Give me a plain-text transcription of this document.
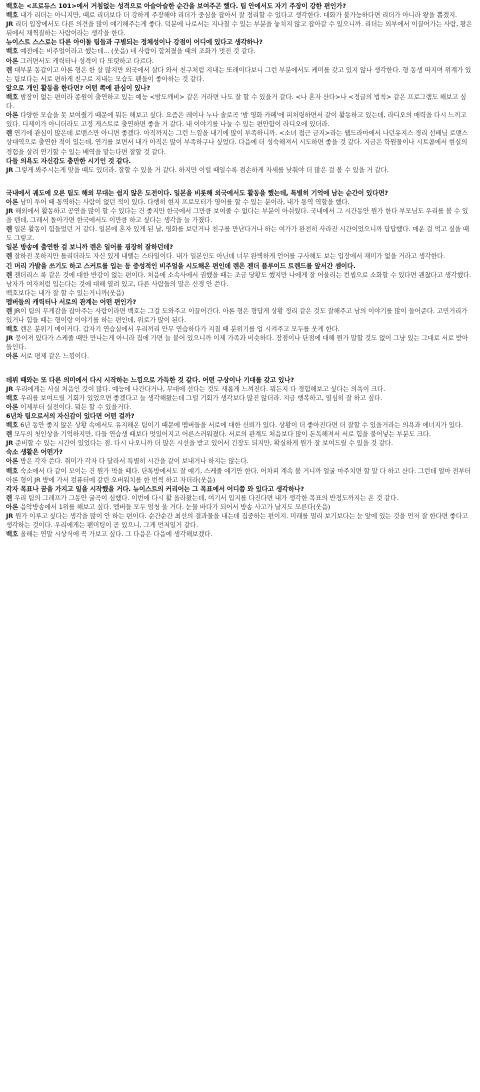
백호는 <프로듀스 101>에서 거침없는 성격으로 아슬아슬한 순간을 보여주곤 했다. 팀 안에서도 자기 주장이 강한 편인가?
백호 내가 리더는 아니지만, 때로 리더보다 더 강하게 주장해야 리더가 중심을 잡아서 잘 정리할 수 있다고 생각한다. 대화가 불가능하다면 리더가 아니라 왕을 뽑겠지.
JR 리더 입장에서도 다른 의견을 많이 얘기해주는게 좋다. 덕분에 나로서는 지나칠 수 있는 부분을 놓치지 않고 잡아갈 수 있으니까. 리더는 외부에서 이끌어가는 사람, 왕은 뒤에서 채찍질하는 사람이라는 생각을 한다.
뉴이스트 스스로는 다른 아이돌 팀들과 구별되는 정체성이나 강점이 어디에 있다고 생각하나?
백호 예전에는 비주얼이라고 했는데... (웃음) 네 사람이 합쳐졌을 때의 조화가 멋진 것 같다.
아론 그러면서도 캐릭터나 성격이 다 또렷하고 다르다.
렌 대부분 동갑이고 아론 형은 한 살 많지만 외국에서 살다 와서 친구처럼 지내는 또래이다보니 그런 부분에서도 케미를 갖고 있지 않나 생각한다. 형 동생 따지며 위계가 있는 팀보다는 서로 편하게 친구로 지내는 모습도 팬들이 좋아하는 것 같다.
앞으로 개인 활동을 한다면? 어떤 쪽에 관심이 있나?
백호 밤장이 없는 편이라 종원이 출연하고 있는 예능 <밤도깨비> 같은 거라면 나도 잘 할 수 있을거 같다. <나 혼자 산다>나 <정글의 법칙> 같은 프로그램도 해보고 싶다.
아론 다양한 모습을 못 보여줬기 때문에 뭐든 해보고 싶다. 요즘은 레이나 누나 솔로곡 '밤 영화 카페'에 피처링하면서 같이 활동하고 있는데, 라디오의 매력을 다시 느끼고 있다. 디제이가 아니더라도 고정 게스트로 출연하면 좋을 거 같다. 내 이야기를 나눌 수 있는 편안함이 라디오에 있더라.
렌 연기에 관심이 많은데 로맨스만 아니면 좋겠다. 아직까지는 그런 느낌을 내기에 많이 부족하니까. <소녀 접근 금지>라는 웹드라마에서 나던유지스 경리 선배님 로맨스 상대역으로 출연한 적이 있는데, 연기를 보면서 내가 아직은 많이 부족하구나 싶었다. 다음에 더 성숙해져서 시도하면 좋을 것 같다. 지금은 학원물이나 시트콤에서 현실의 경험을 살려 연기할 수 있는 배역을 맡는다면 잘할 것 같다.
다들 의욕도 자신감도 충만한 시기인 것 같다.
JR 그렇게 봐주시는게 맞을 때도 있더라. 잘할 수 있을 거 같다. 하지만 이럴 때일수록 겸손하게 자세를 낮춰야 더 많은 걸 볼 수 있을 거 같다.
국내에서 궤도에 오른 팀도 해외 무대는 쉽지 않은 도전이다. 일본을 비롯해 외국에서도 활동을 했는데, 특별히 기억에 남는 순간이 있다면?
아론 남미 투어 때 통역하는 사람이 없던 적이 있다. 다행히 현지 프로모터가 영어를 할 수 있는 분이라, 내가 통역 역할을 했다.
JR 해외에서 활동하고 공연을 많이 할 수 있다는 건 좋지만 한국에서 그만큼 보여줄 수 없다는 부분이 아쉬웠다. 국내에서 그 시간동안 뭔가 한다 부모님도 우리를 볼 수 있을 텐데, 그래서 돌아가면 한국에서도 이만큼 하고 싶다는 생각을 늘 가졌다.
렌 일본 활동이 힘들었던 거 같다. 일본에 혼자 있게 된 날, 영화를 보던거나 친구를 만난다거나 하는 여가가 완전히 사라진 시간이었으니까 답답했다. 매운 걸 먹고 싶을 때도 그렇고.
일본 방송에 출연한 걸 보니까 렌은 일어를 굉장히 잘하던데?
렌 잘하진 못하지만 틀리더라도 자신 있게 내뱉는 스타일이다. 내가 일본인도 아닌데 너무 완벽하게 언어를 구사해도 보는 입장에서 재미가 없을 거라고 생각한다.
긴 머리 가발을 쓰기도 하고 스커트를 입는 등 중성적인 비주얼을 시도해온 편인데 렌은 젠더 플루이드 트렌드를 앞서간 셈이다.
렌 젠더리스 룩 같은 것에 대한 반감이 없는 편이다. 처음에 소속사에서 권했을 때는 조금 당황도 했지만 나에게 잘 어울리는 컨셉으로 소화할 수 있다면 괜찮다고 생각했다. 남자가 여자처럼 입는다는 것에 대해 열려 있고, 다른 사람들의 말은 신경 안 쓴다.
백호보다는 내가 잘 할 수 있는거니까(웃음)
멤버들의 캐릭터나 서로의 관계는 어떤 편인가?
렌 JR이 팀의 무게감을 잡아주는 사람이라면 백호는 그걸 도와주고 이끌어간다. 아론 형은 형답게 상황 정리 같은 것도 잘해주고 남의 이야기를 많이 들어준다. 고민거리가 있거나 힘들 때는 형이랑 이야기를 하는 편인데, 위로가 많이 된다.
백호 렌은 분위기 메이커다. 갑자기 연습실에서 우리끼리 안무 연습하다가 지칠 때 분위기를 업 시켜주고 모두를 웃게 한다.
JR 뭉어져 있다가 스케줄 때만 만나는게 아니라 집에 가면 늘 붙어 있으니까 이제 가족과 비슷하다. 장점이나 단점에 대해 뭔가 말할 것도 없이 그냥 있는 그대로 서로 받아들인다.
아론 서로 평제 같은 느낌이다.
데뷔 때와는 또 다른 의미에서 다시 시작하는 느낌으로 가득한 것 같다. 어떤 구상이나 기대를 갖고 있나?
JR 우리에게는 사실 처음인 것이 많다. 예능에 나간다거나, 무대에 선다는 것도 새롭게 느껴진다. 뭐든지 다 경험해보고 싶다는 의욕이 크다.
백호 우리를 보여드릴 기회가 있었으면 좋겠다고 늘 생각해왔는데 그럴 기회가 생각보다 많진 않더라. 지금 행복하고, 열심히 잘 하고 싶다.
아론 이제부터 실전이다. 뭐든 할 수 있을거다.
6년차 팀으로서의 자신감이 있다면 어떤 걸까?
백호 6년 동안 좋지 않은 상황 속에서도 유지해온 팀이기 때문에 멤버들을 서로에 대한 신뢰가 있다. 상황이 더 좋아진다면 더 잘할 수 있을거라는 의욕과 에너지가 있다.
렌 모두의 첫인상을 기억하지만, 다들 연습생 때보다 멋있어지고 어른스러워졌다. 서로의 관계도 처음보다 많이 돈독해져서 서로 힘을 불어넣는 부분도 크다.
JR 준비할 수 있는 시간이 있었다는 점. 다시 나오니까 더 많은 시선을 받고 있어서 긴장도 되지만, 확실하게 뭔가 잘 보여드릴 수 있을 것 같다.
숙소 생활은 어떤가?
아론 방은 각자 쓴다. 취미가 각자 다 달라서 특별히 시간을 같이 보내거나 하지는 않는다.
백호 숙소에서 다 같이 모이는 건 뭔가 먹을 때다. 단톡방에서도 잘 얘기, 스케줄 얘기만 한다. 어차피 계속 볼 거니까 얼굴 마주치면 할 말 다 하고 산다. 그런데 얼마 전부터 아론 형이 JR 방에 가서 컴퓨터에 같린 오버워치를 한 번씩 하고 자더라(웃음)
각자 목표나 꿈을 가지고 일을 시작했을 거다. 뉴이스트의 커리어는 그 목표에서 어디쯤 와 있다고 생각하나?
렌 우리 팀의 그래프가 그동안 굴곡이 심했다. 이번에 다시 활 올라왔는데, 여기서 입지를 다진다면 내가 생각한 목표의 반정도까지는 온 것 같다.
아론 음악방송에서 1위를 해보고 싶다. 멤버들 모두 엄청 울 거다. 눈물 바다가 되어서 방송 사고가 날지도 모른다(웃음)
JR 뭔가 이루고 싶다는 생각을 많이 안 하는 편이다. 순간순간 최선의 결과물을 내는데 집중하는 편이지. 미래를 멀리 보기보다는 눈 앞에 있는 것을 먼저 잘 한다면 좋다고 생각하는 것이다. 우리에게는 팬미팅이 곧 있으니, 그게 먼저일거 같다.
백호 올해는 연말 시상식에 꼭 가보고 싶다. 그 다음은 다음에 생각해보겠다.
